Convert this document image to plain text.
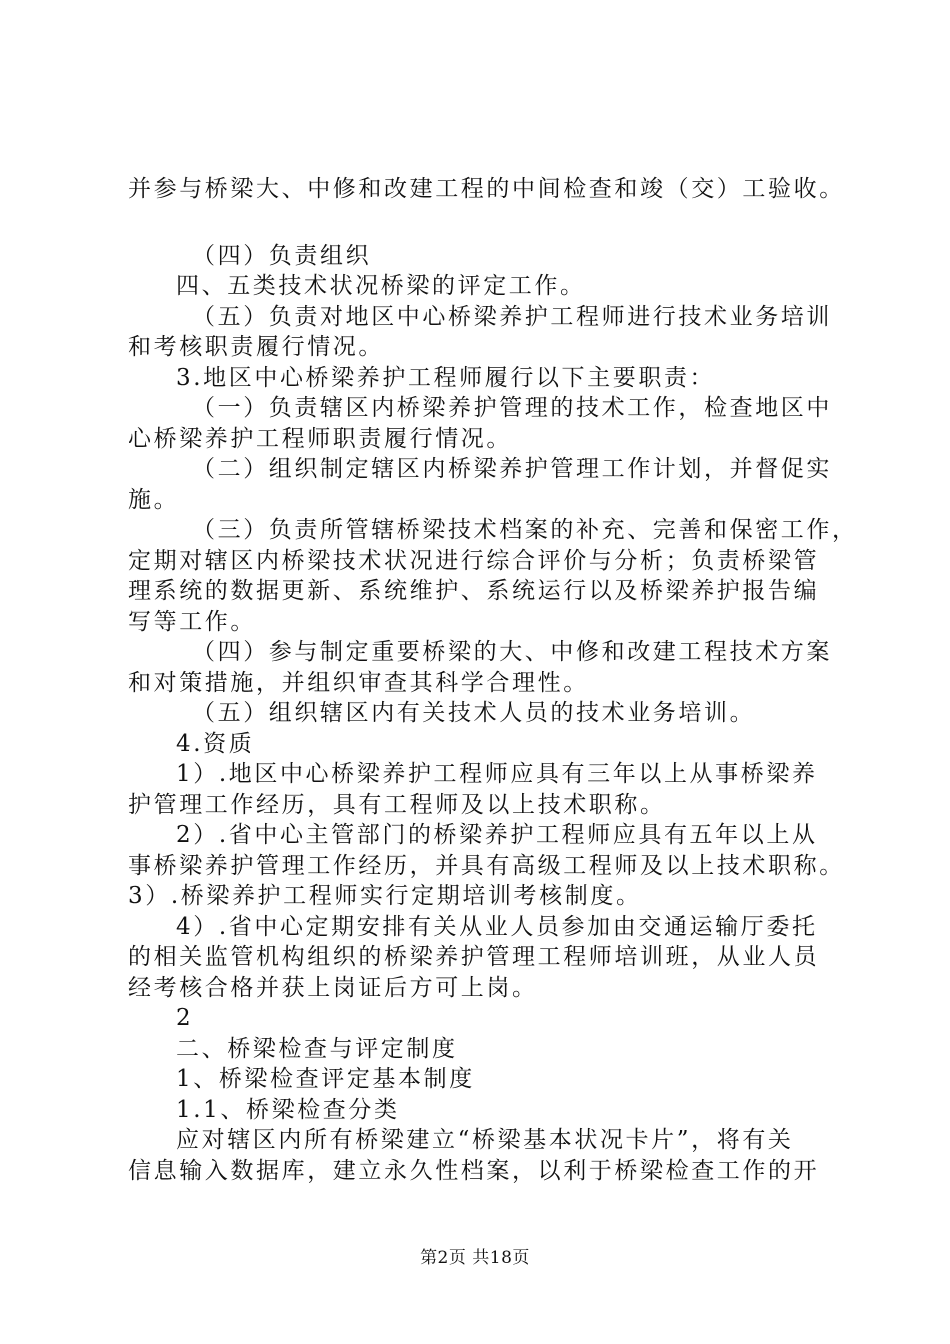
并参与桥梁大、中修和改建工程的中间检查和竣（交）工验收。
（四）负责组织
四、五类技术状况桥梁的评定工作。
（五）负责对地区中心桥梁养护工程师进行技术业务培训
和考核职责履行情况。
3.地区中心桥梁养护工程师履行以下主要职责：
（一）负责辖区内桥梁养护管理的技术工作，检查地区中
心桥梁养护工程师职责履行情况。
（二）组织制定辖区内桥梁养护管理工作计划，并督促实
施。
（三）负责所管辖桥梁技术档案的补充、完善和保密工作，
定期对辖区内桥梁技术状况进行综合评价与分析；负责桥梁管
理系统的数据更新、系统维护、系统运行以及桥梁养护报告编
写等工作。
（四）参与制定重要桥梁的大、中修和改建工程技术方案
和对策措施，并组织审查其科学合理性。
（五）组织辖区内有关技术人员的技术业务培训。
4.资质
1）.地区中心桥梁养护工程师应具有三年以上从事桥梁养
护管理工作经历，具有工程师及以上技术职称。
2）.省中心主管部门的桥梁养护工程师应具有五年以上从
事桥梁养护管理工作经历，并具有高级工程师及以上技术职称。
3）.桥梁养护工程师实行定期培训考核制度。
4）.省中心定期安排有关从业人员参加由交通运输厅委托
的相关监管机构组织的桥梁养护管理工程师培训班，从业人员
经考核合格并获上岗证后方可上岗。
2
二、桥梁检查与评定制度
1、桥梁检查评定基本制度
1.1、桥梁检查分类
应对辖区内所有桥梁建立“桥梁基本状况卡片”，将有关
信息输入数据库，建立永久性档案，以利于桥梁检查工作的开
第2页 共18页
